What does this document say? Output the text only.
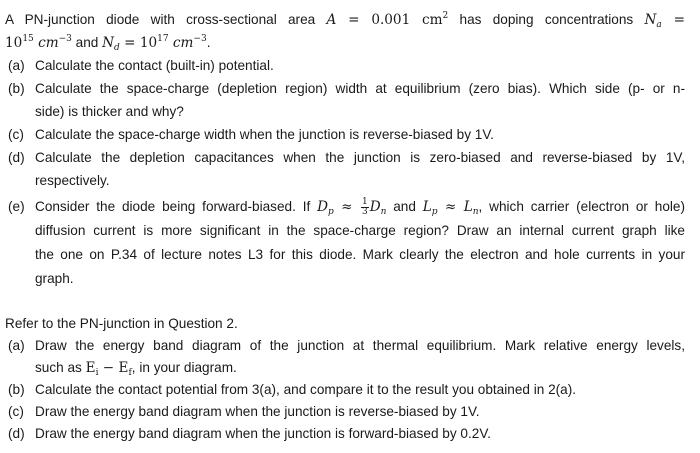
A PN-junction diode with cross-sectional area A = 0.001 $cm^2$ has doping concentrations $N_a$ =
$10^{15}$ $cm^{-3}$ and $N_d = 10^{17}$ $cm^{-3}$.
(a) Calculate the contact (built-in) potential.
(b) Calculate the space-charge (depletion region) width at equilibrium (zero bias). Which side (p- or n-
side) is thicker and why?
(c) Calculate the space-charge width when the junction is reverse-biased by 1V.
(d) Calculate the depletion capacitances when the junction is zero-biased and reverse-biased by 1V,
respectively.
(e) Consider the diode being forward-biased. If $D_p \approx \frac{1}{3} D_n$ and $L_p \approx L_n$, which carrier (electron or hole)
diffusion current is more significant in the space-charge region? Draw an internal current graph like
the one on P.34 of lecture notes L3 for this diode. Mark clearly the electron and hole currents in your
graph.
Refer to the PN-junction in Question 2.
(a) Draw the energy band diagram of the junction at thermal equilibrium. Mark relative energy levels,
such as $E_i - E_f$, in your diagram.
(b) Calculate the contact potential from 3(a), and compare it to the result you obtained in 2(a).
(c) Draw the energy band diagram when the junction is reverse-biased by 1V.
(d) Draw the energy band diagram when the junction is forward-biased by 0.2V.
